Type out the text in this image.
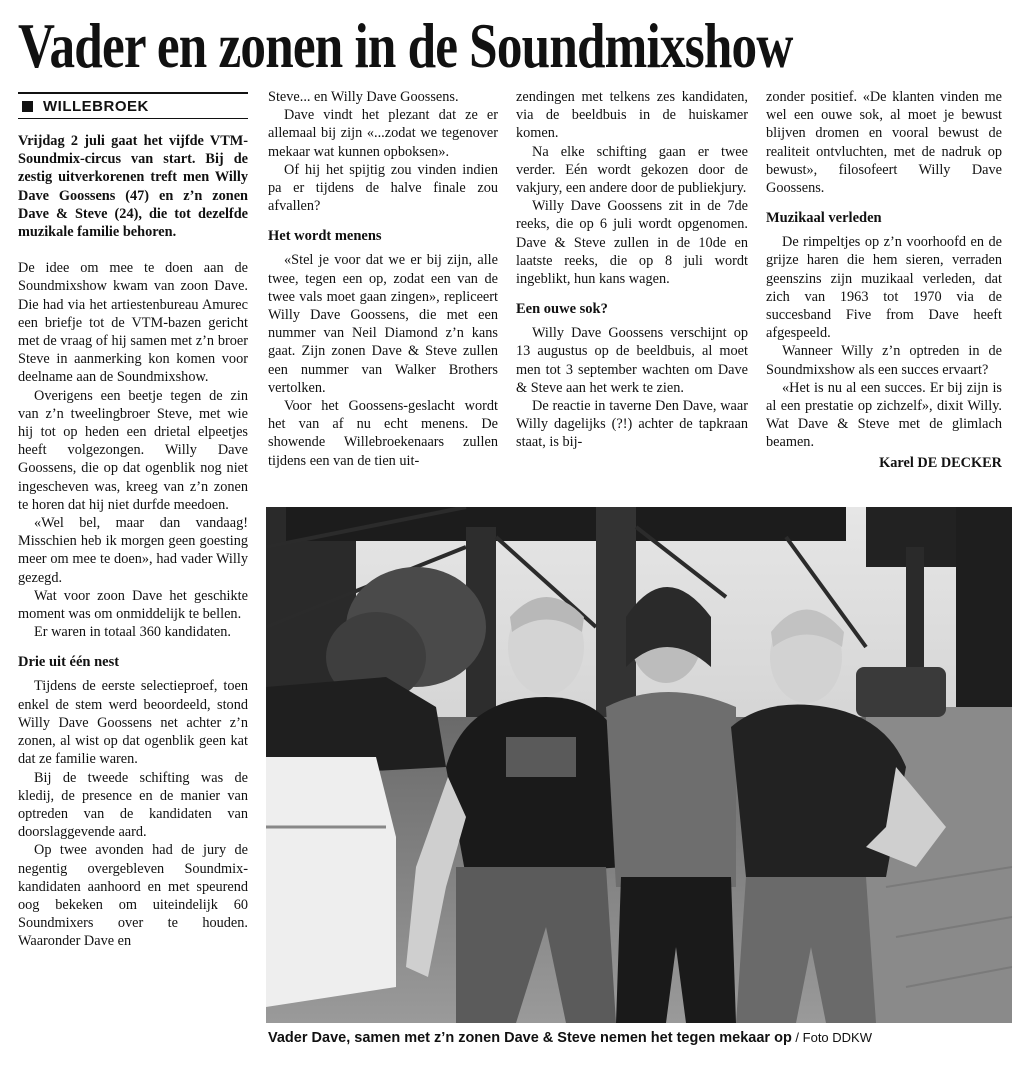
Vader en zonen in de Soundmixshow
WILLEBROEK

Vrijdag 2 juli gaat het vijfde VTM-Soundmix-circus van start. Bij de zestig uitverkorenen treft men Willy Dave Goossens (47) en z’n zonen Dave & Steve (24), die tot dezelfde muzikale familie behoren.

De idee om mee te doen aan de Soundmixshow kwam van zoon Dave. Die had via het artiestenbureau Amurec een briefje tot de VTM-bazen gericht met de vraag of hij samen met z’n broer Steve in aanmerking kon komen voor deelname aan de Soundmixshow.

Overigens een beetje tegen de zin van z’n tweelingbroer Steve, met wie hij tot op heden een drietal elpeetjes heeft volgezongen. Willy Dave Goossens, die op dat ogenblik nog niet ingescheven was, kreeg van z’n zonen te horen dat hij niet durfde meedoen.

«Wel bel, maar dan vandaag! Misschien heb ik morgen geen goesting meer om mee te doen», had vader Willy gezegd.

Wat voor zoon Dave het geschikte moment was om onmiddelijk te bellen.

Er waren in totaal 360 kandidaten.

Drie uit één nest

Tijdens de eerste selectieproef, toen enkel de stem werd beoordeeld, stond Willy Dave Goossens net achter z’n zonen, al wist op dat ogenblik geen kat dat ze familie waren.

Bij de tweede schifting was de kledij, de presence en de manier van optreden van de kandidaten van doorslaggevende aard.

Op twee avonden had de jury de negentig overgebleven Soundmix-kandidaten aanhoord en met speurend oog bekeken om uiteindelijk 60 Soundmixers over te houden. Waaronder Dave en

Steve... en Willy Dave Goossens.

Dave vindt het plezant dat ze er allemaal bij zijn «...zodat we tegenover mekaar wat kunnen opboksen».

Of hij het spijtig zou vinden indien pa er tijdens de halve finale zou afvallen?

Het wordt menens

«Stel je voor dat we er bij zijn, alle twee, tegen een op, zodat een van de twee vals moet gaan zingen», repliceert Willy Dave Goossens, die met een nummer van Neil Diamond z’n kans gaat. Zijn zonen Dave & Steve zullen een nummer van Walker Brothers vertolken.

Voor het Goossens-geslacht wordt het van af nu echt menens. De showende Willebroekenaars zullen tijdens een van de tien uit-

zendingen met telkens zes kandidaten, via de beeldbuis in de huiskamer komen.

Na elke schifting gaan er twee verder. Eén wordt gekozen door de vakjury, een andere door de publiekjury.

Willy Dave Goossens zit in de 7de reeks, die op 6 juli wordt opgenomen. Dave & Steve zullen in de 10de en laatste reeks, die op 8 juli wordt ingeblikt, hun kans wagen.

Een ouwe sok?

Willy Dave Goossens verschijnt op 13 augustus op de beeldbuis, al moet men tot 3 september wachten om Dave & Steve aan het werk te zien.

De reactie in taverne Den Dave, waar Willy dagelijks (?!) achter de tapkraan staat, is bij-

zonder positief. «De klanten vinden me wel een ouwe sok, al moet je bewust blijven dromen en vooral bewust de realiteit ontvluchten, met de nadruk op bewust», filosofeert Willy Dave Goossens.

Muzikaal verleden

De rimpeltjes op z’n voorhoofd en de grijze haren die hem sieren, verraden geenszins zijn muzikaal verleden, dat zich van 1963 tot 1970 via de succesband Five from Dave heeft afgespeeld.

Wanneer Willy z’n optreden in de Soundmixshow als een succes ervaart?

«Het is nu al een succes. Er bij zijn is al een prestatie op zichzelf», dixit Willy. Wat Dave & Steve met de glimlach beamen.

Karel DE DECKER
Vader Dave, samen met z’n zonen Dave & Steve nemen het tegen mekaar op / Foto DDKW
